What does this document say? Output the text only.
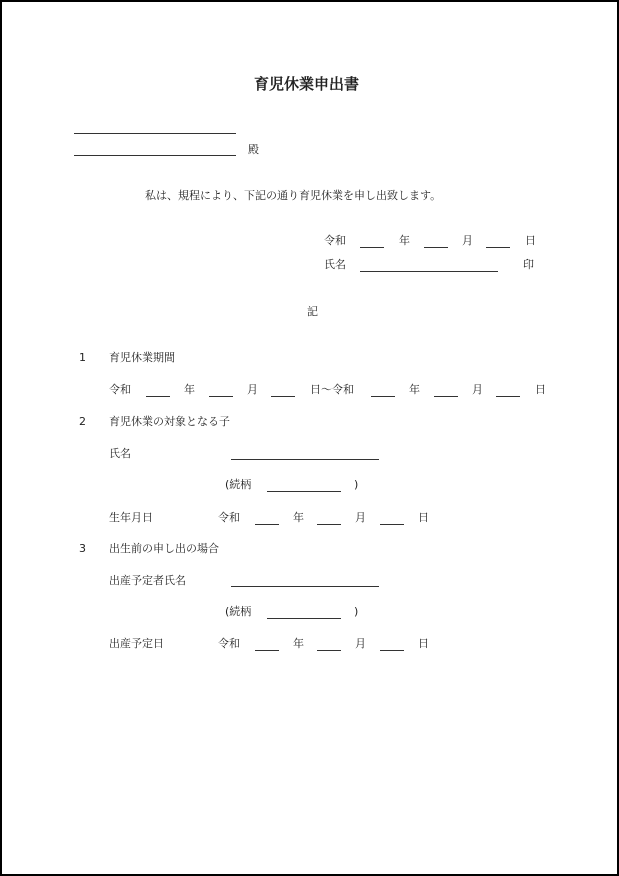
育児休業申出書
殿
私は、規程により、下記の通り育児休業を申し出致します。
令和	年	月	日
氏名	印
記
1 育児休業期間
令和	年	月	日～令和	年	月	日
2 育児休業の対象となる子
氏名
(続柄	)
生年月日	令和	年	月	日
3 出生前の申し出の場合
出産予定者氏名
(続柄	)
出産予定日	令和	年	月	日
